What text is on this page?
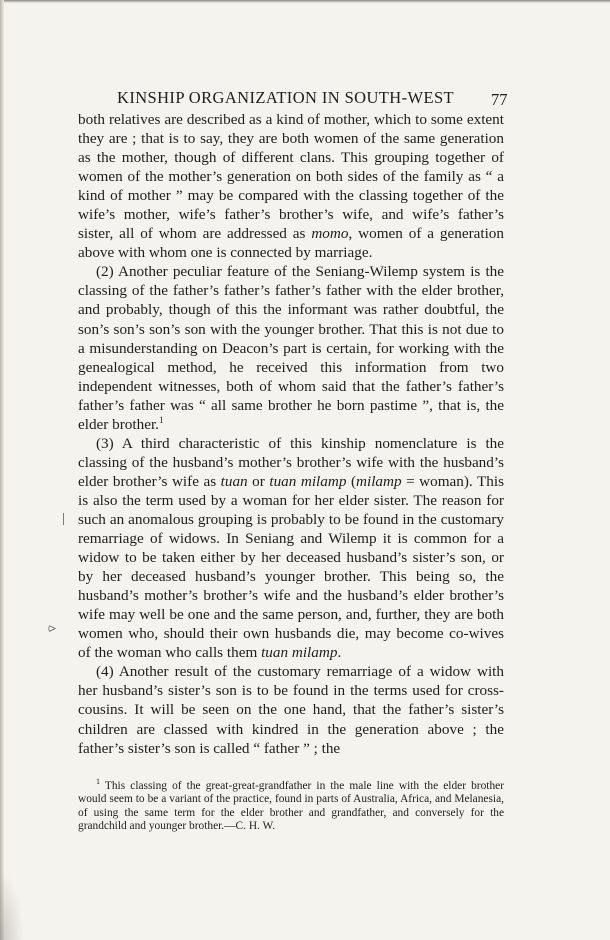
KINSHIP ORGANIZATION IN SOUTH-WEST	77

both relatives are described as a kind of mother, which to some extent they are ; that is to say, they are both women of the same generation as the mother, though of different clans. This grouping together of women of the mother’s generation on both sides of the family as “ a kind of mother ” may be compared with the classing together of the wife’s mother, wife’s father’s brother’s wife, and wife’s father’s sister, all of whom are addressed as momo, women of a generation above with whom one is connected by marriage.

(2) Another peculiar feature of the Seniang-Wilemp system is the classing of the father’s father’s father’s father with the elder brother, and probably, though of this the informant was rather doubtful, the son’s son’s son’s son with the younger brother. That this is not due to a misunderstanding on Deacon’s part is certain, for working with the genealogical method, he received this information from two independent witnesses, both of whom said that the father’s father’s father’s father was “ all same brother he born pastime ”, that is, the elder brother.$^1$

(3) A third characteristic of this kinship nomenclature is the classing of the husband’s mother’s brother’s wife with the husband’s elder brother’s wife as tuan or tuan milamp (milamp = woman). This is also the term used by a woman for her elder sister. The reason for such an anomalous grouping is probably to be found in the customary remarriage of widows. In Seniang and Wilemp it is common for a widow to be taken either by her deceased husband’s sister’s son, or by her deceased husband’s younger brother. This being so, the husband’s mother’s brother’s wife and the husband’s elder brother’s wife may well be one and the same person, and, further, they are both women who, should their own husbands die, may become co-wives of the woman who calls them tuan milamp.

(4) Another result of the customary remarriage of a widow with her husband’s sister’s son is to be found in the terms used for cross-cousins. It will be seen on the one hand, that the father’s sister’s children are classed with kindred in the generation above ; the father’s sister’s son is called “ father ” ; the

$^1$ This classing of the great-great-grandfather in the male line with the elder brother would seem to be a variant of the practice, found in parts of Australia, Africa, and Melanesia, of using the same term for the elder brother and grandfather, and conversely for the grandchild and younger brother.—C. H. W.

⪧
